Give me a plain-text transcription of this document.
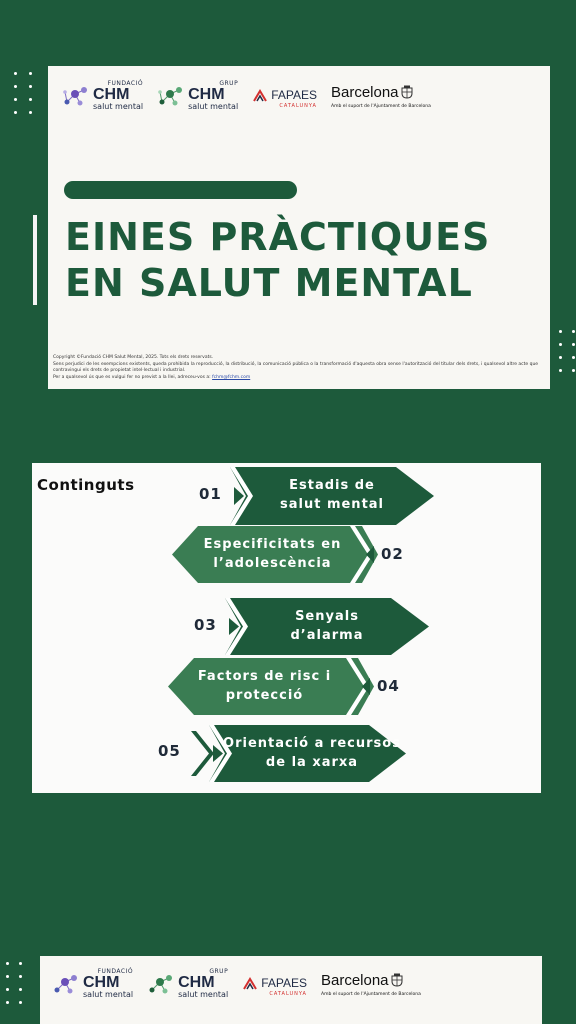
FUNDACIÓ
CHM
salut mental
GRUP
CHM
salut mental
FAPAES
CATALUNYA
Barcelona
Amb el suport de l'Ajuntament de Barcelona
EINES PRÀCTIQUES
EN SALUT MENTAL
Copyright ©Fundació CHM Salut Mental, 2025. Tots els drets reservats.
Sens perjudici de les exempcions existents, queda prohibida la reproducció, la distribució, la comunicació pública o la transformació d'aquesta obra sense l'autorització del titular dels drets, i qualsevol altre acte que contravingui els drets de propietat intel·lectual i industrial.
Per a qualsevol ús que es vulgui fer no previst a la llei, adreceu-vos a: fchm@fchm.com
Continguts	Estadis de
salut mental
01
Especificitats en
l’adolescència
02
Senyals
d’alarma
03
Factors de risc i
protecció
04
Orientació a recursos
de la xarxa
05
FUNDACIÓ
CHM
salut mental
GRUP
CHM
salut mental
FAPAES
CATALUNYA
Barcelona
Amb el suport de l'Ajuntament de Barcelona
